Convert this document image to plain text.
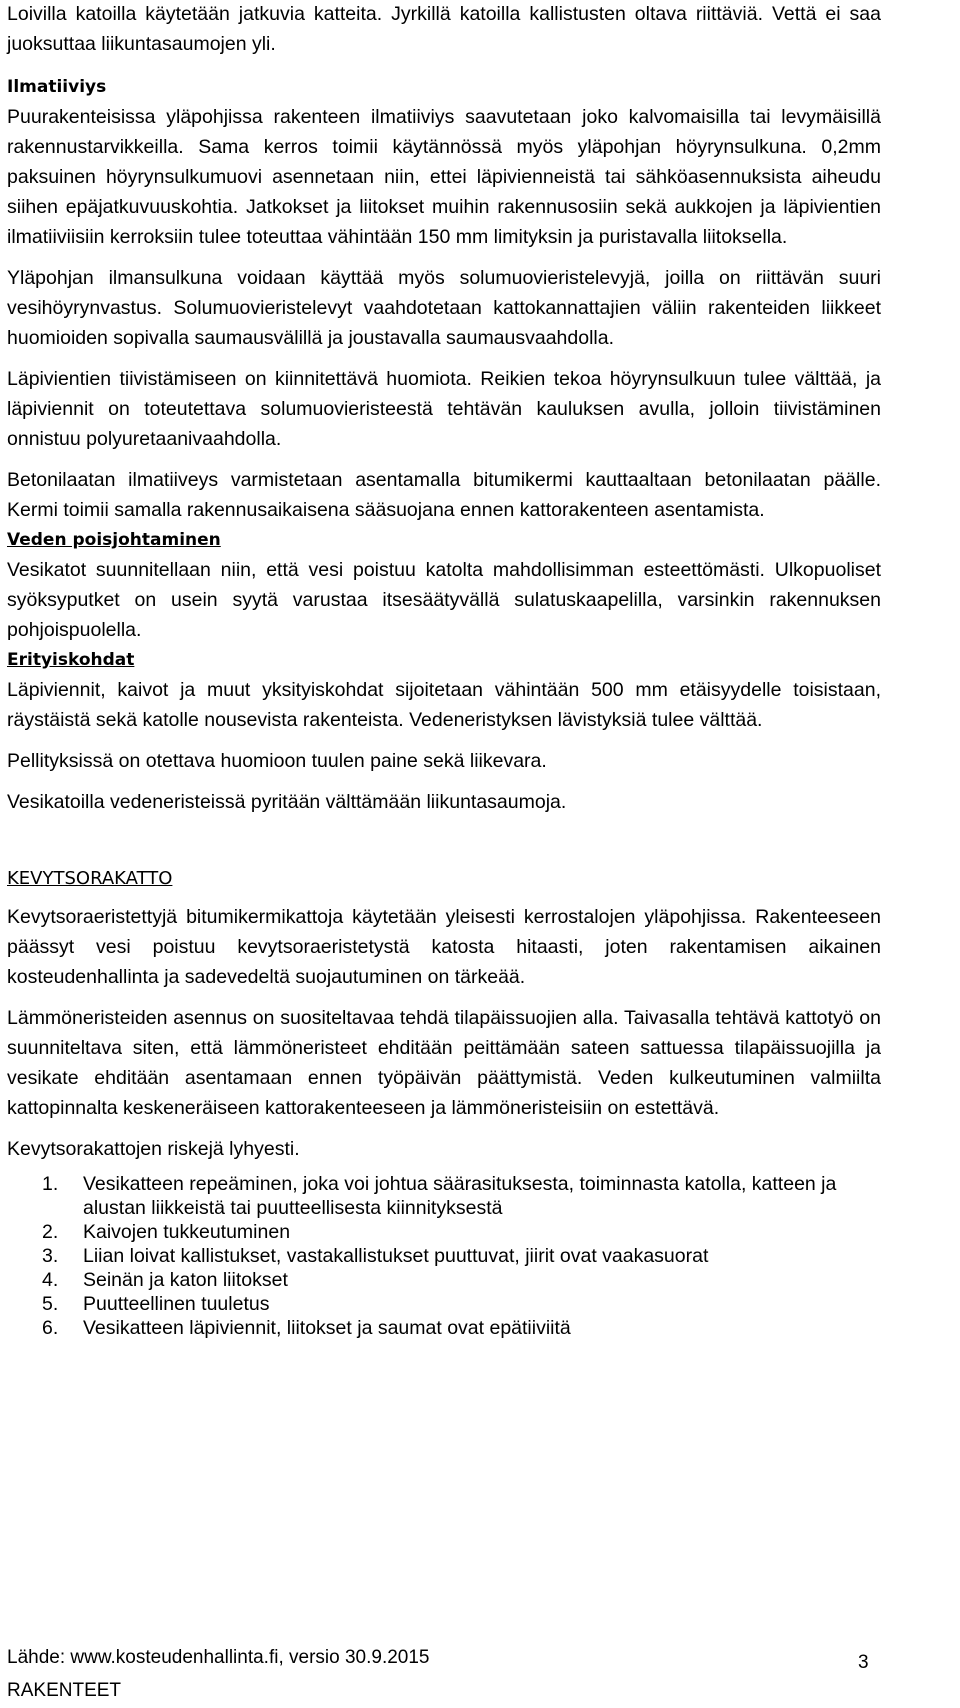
Loivilla katoilla käytetään jatkuvia katteita. Jyrkillä katoilla kallistusten oltava riittäviä. Vettä ei saa juoksuttaa liikuntasaumojen yli.

Ilmatiiviys

Puurakenteisissa yläpohjissa rakenteen ilmatiiviys saavutetaan joko kalvomaisilla tai levymäisillä rakennustarvikkeilla. Sama kerros toimii käytännössä myös yläpohjan höyrynsulkuna. 0,2mm paksuinen höyrynsulkumuovi asennetaan niin, ettei läpivienneistä tai sähköasennuksista aiheudu siihen epäjatkuvuuskohtia. Jatkokset ja liitokset muihin rakennusosiin sekä aukkojen ja läpivientien ilmatiiviisiin kerroksiin tulee toteuttaa vähintään 150 mm limityksin ja puristavalla liitoksella.

Yläpohjan ilmansulkuna voidaan käyttää myös solumuovieristelevyjä, joilla on riittävän suuri vesihöyrynvastus. Solumuovieristelevyt vaahdotetaan kattokannattajien väliin rakenteiden liikkeet huomioiden sopivalla saumausvälillä ja joustavalla saumausvaahdolla.

Läpivientien tiivistämiseen on kiinnitettävä huomiota. Reikien tekoa höyrynsulkuun tulee välttää, ja läpiviennit on toteutettava solumuovieristeestä tehtävän kauluksen avulla, jolloin tiivistäminen onnistuu polyuretaanivaahdolla.

Betonilaatan ilmatiiveys varmistetaan asentamalla bitumikermi kauttaaltaan betonilaatan päälle. Kermi toimii samalla rakennusaikaisena sääsuojana ennen kattorakenteen asentamista.

Veden poisjohtaminen

Vesikatot suunnitellaan niin, että vesi poistuu katolta mahdollisimman esteettömästi. Ulkopuoliset syöksyputket on usein syytä varustaa itsesäätyvällä sulatuskaapelilla, varsinkin rakennuksen pohjoispuolella.

Erityiskohdat

Läpiviennit, kaivot ja muut yksityiskohdat sijoitetaan vähintään 500 mm etäisyydelle toisistaan, räystäistä sekä katolle nousevista rakenteista. Vedeneristyksen lävistyksiä tulee välttää.

Pellityksissä on otettava huomioon tuulen paine sekä liikevara.

Vesikatoilla vedeneristeissä pyritään välttämään liikuntasaumoja.

KEVYTSORAKATTO

Kevytsoraeristettyjä bitumikermikattoja käytetään yleisesti kerrostalojen yläpohjissa. Rakenteeseen päässyt vesi poistuu kevytsoraeristetystä katosta hitaasti, joten rakentamisen aikainen kosteudenhallinta ja sadevedeltä suojautuminen on tärkeää.

Lämmöneristeiden asennus on suositeltavaa tehdä tilapäissuojien alla. Taivasalla tehtävä kattotyö on suunniteltava siten, että lämmöneristeet ehditään peittämään sateen sattuessa tilapäissuojilla ja vesikate ehditään asentamaan ennen työpäivän päättymistä. Veden kulkeutuminen valmiilta kattopinnalta keskeneräiseen kattorakenteeseen ja lämmöneristeisiin on estettävä.

Kevytsorakattojen riskejä lyhyesti.

1. Vesikatteen repeäminen, joka voi johtua säärasituksesta, toiminnasta katolla, katteen ja alustan liikkeistä tai puutteellisesta kiinnityksestä
2. Kaivojen tukkeutuminen
3. Liian loivat kallistukset, vastakallistukset puuttuvat, jiirit ovat vaakasuorat
4. Seinän ja katon liitokset
5. Puutteellinen tuuletus
6. Vesikatteen läpiviennit, liitokset ja saumat ovat epätiiviitä
Lähde: www.kosteudenhallinta.fi, versio 30.9.2015	3
RAKENTEET
